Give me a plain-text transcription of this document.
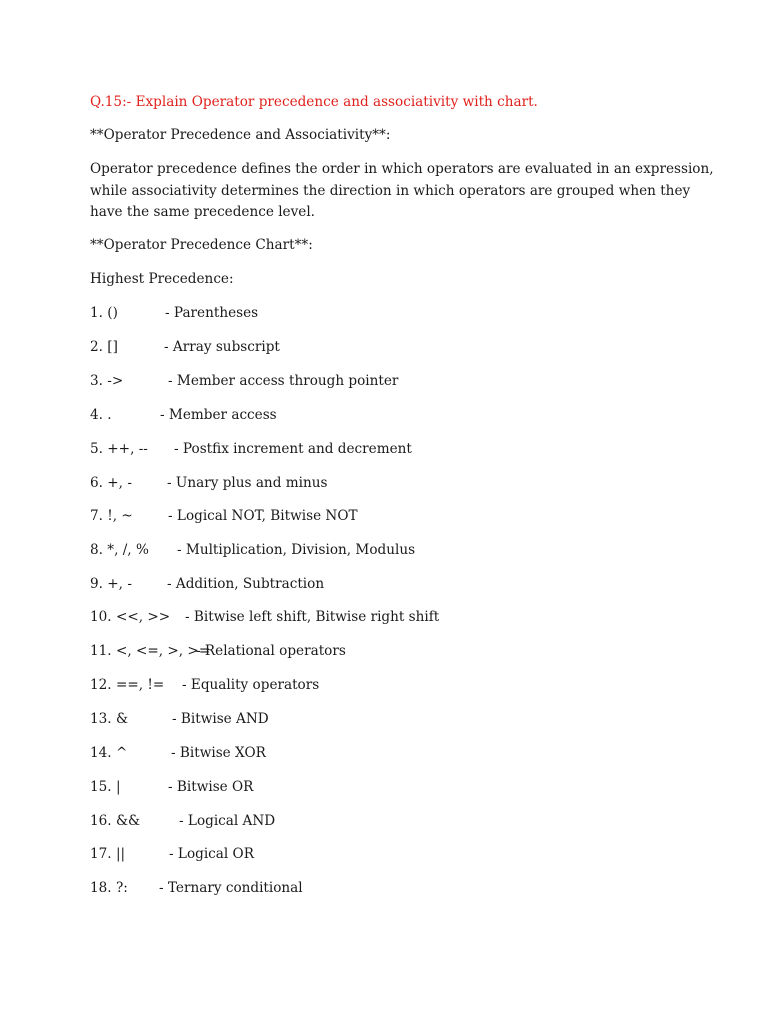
Q.15:- Explain Operator precedence and associativity with chart.
**Operator Precedence and Associativity**:
Operator precedence defines the order in which operators are evaluated in an expression,
while associativity determines the direction in which operators are grouped when they
have the same precedence level.
**Operator Precedence Chart**:
Highest Precedence:
1. ()	- Parentheses
2. []	- Array subscript
3. ->	- Member access through pointer
4. .	- Member access
5. ++, -- - Postfix increment and decrement
6. +, -	- Unary plus and minus
7. !, ~	- Logical NOT, Bitwise NOT
8. *, /, % - Multiplication, Division, Modulus
9. +, -	- Addition, Subtraction
10. <<, >> - Bitwise left shift, Bitwise right shift
11. <, <=, >, >=- Relational operators
12. ==, != - Equality operators
13. &	- Bitwise AND
14. ^	- Bitwise XOR
15. |	- Bitwise OR
16. &&	- Logical AND
17. ||	- Logical OR
18. ?: - Ternary conditional
